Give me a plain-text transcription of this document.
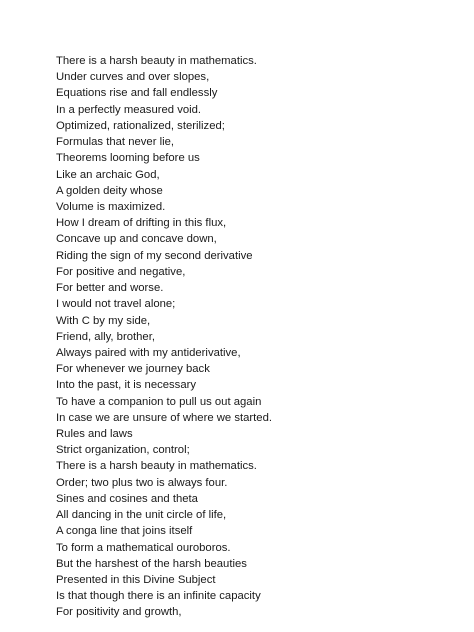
There is a harsh beauty in mathematics.
Under curves and over slopes,
Equations rise and fall endlessly
In a perfectly measured void.
Optimized, rationalized, sterilized;
Formulas that never lie,
Theorems looming before us
Like an archaic God,
A golden deity whose
Volume is maximized.
How I dream of drifting in this flux,
Concave up and concave down,
Riding the sign of my second derivative
For positive and negative,
For better and worse.
I would not travel alone;
With C by my side,
Friend, ally, brother,
Always paired with my antiderivative,
For whenever we journey back
Into the past, it is necessary
To have a companion to pull us out again
In case we are unsure of where we started.
Rules and laws
Strict organization, control;
There is a harsh beauty in mathematics.
Order; two plus two is always four.
Sines and cosines and theta
All dancing in the unit circle of life,
A conga line that joins itself
To form a mathematical ouroboros.
But the harshest of the harsh beauties
Presented in this Divine Subject
Is that though there is an infinite capacity
For positivity and growth,
